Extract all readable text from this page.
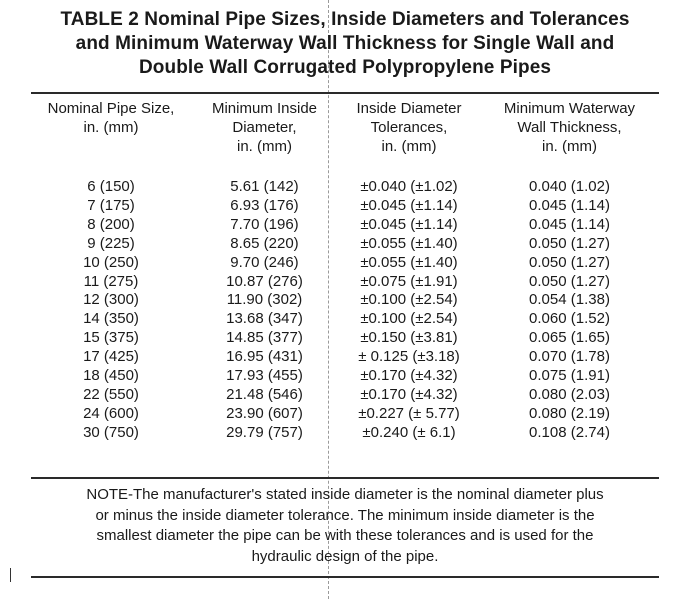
TABLE 2 Nominal Pipe Sizes, Inside Diameters and Tolerances
and Minimum Waterway Wall Thickness for Single Wall and
Double Wall Corrugated Polypropylene Pipes
Nominal Pipe Size,
in. (mm)
Minimum Inside
Diameter,
in. (mm)
Inside Diameter
Tolerances,
in. (mm)
Minimum Waterway
Wall Thickness,
in. (mm)
6 (150)	5.61 (142)	±0.040 (±1.02)	0.040 (1.02)
7 (175)	6.93 (176)	±0.045 (±1.14)	0.045 (1.14)
8 (200)	7.70 (196)	±0.045 (±1.14)	0.045 (1.14)
9 (225)	8.65 (220)	±0.055 (±1.40)	0.050 (1.27)
10 (250)	9.70 (246)	±0.055 (±1.40)	0.050 (1.27)
11 (275)	10.87 (276)	±0.075 (±1.91)	0.050 (1.27)
12 (300)	11.90 (302)	±0.100 (±2.54)	0.054 (1.38)
14 (350)	13.68 (347)	±0.100 (±2.54)	0.060 (1.52)
15 (375)	14.85 (377)	±0.150 (±3.81)	0.065 (1.65)
17 (425)	16.95 (431)	± 0.125 (±3.18)	0.070 (1.78)
18 (450)	17.93 (455)	±0.170 (±4.32)	0.075 (1.91)
22 (550)	21.48 (546)	±0.170 (±4.32)	0.080 (2.03)
24 (600)	23.90 (607)	±0.227 (± 5.77)	0.080 (2.19)
30 (750)	29.79 (757)	±0.240 (± 6.1)	0.108 (2.74)
NOTE-The manufacturer's stated inside diameter is the nominal diameter plus
or minus the inside diameter tolerance. The minimum inside diameter is the
smallest diameter the pipe can be with these tolerances and is used for the
hydraulic design of the pipe.
